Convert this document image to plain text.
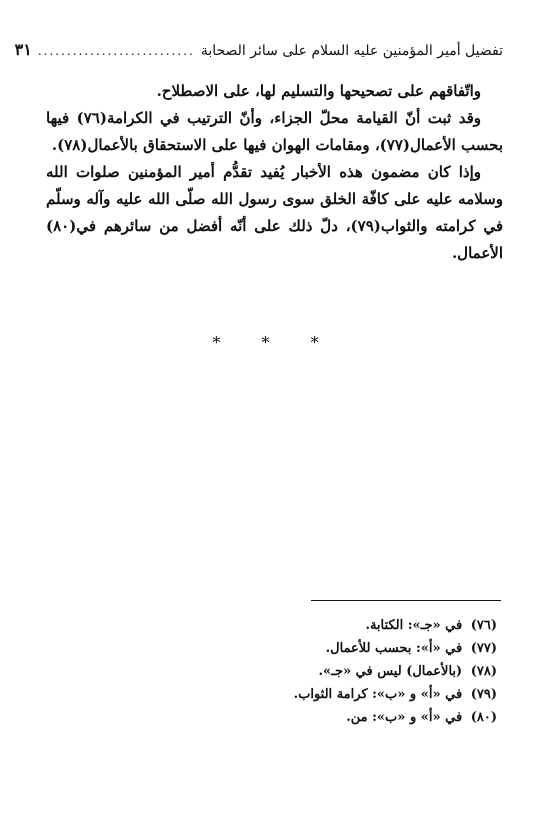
تفضيل أمير المؤمنين عليه السلام على سائر الصحابة
...........................
٣١

واتّفاقهم على تصحيحها والتسليم لها، على الاصطلاح.

وقد ثبت أنّ القيامة محلّ الجزاء، وأنّ الترتيب في الكرامة(٧٦) فيها بحسب الأعمال(٧٧)، ومقامات الهوان فيها على الاستحقاق بالأعمال(٧٨).

وإذا كان مضمون هذه الأخبار يُفيد تقدُّم أمير المؤمنين صلوات الله وسلامه عليه على كافّة الخلق سوى رسول الله صلّى الله عليه وآله وسلّم في كرامته والثواب(٧٩)، دلّ ذلك على أنّه أفضل من سائرهم في(٨٠) الأعمال.

* * *

(٧٦) في «جـ»: الكتابة.

(٧٧) في «أ»: بحسب للأعمال.

(٧٨) (بالأعمال) ليس في «جـ».

(٧٩) في «أ» و «ب»: كرامة الثواب.

(٨٠) في «أ» و «ب»: من.
